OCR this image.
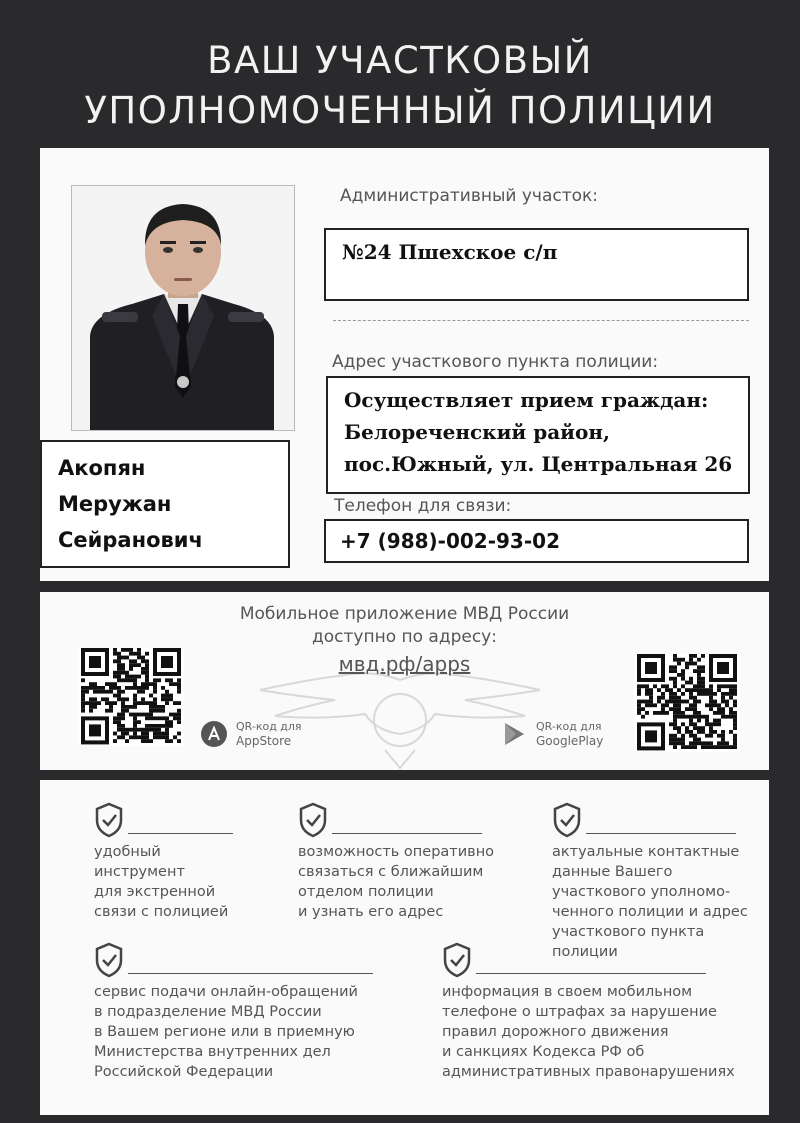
ВАШ УЧАСТКОВЫЙ
УПОЛНОМОЧЕННЫЙ ПОЛИЦИИ
Акопян
Меружан
Сейранович
Административный участок:
№24 Пшехское с/п
Адрес участкового пункта полиции:
Осуществляет прием граждан:
Белореченский район,
пос.Южный, ул. Центральная 26
Телефон для связи:
+7 (988)-002-93-02
Мобильное приложение МВД России
доступно по адресу:
мвд.рф/apps
QR-код для
AppStore
QR-код для
GooglePlay
удобный
инструмент
для экстренной
связи с полицией
возможность оперативно
связаться с ближайшим
отделом полиции
и узнать его адрес
актуальные контактные
данные Вашего
участкового уполномо-
ченного полиции и адрес
участкового пункта
полиции
сервис подачи онлайн-обращений
в подразделение МВД России
в Вашем регионе или в приемную
Министерства внутренних дел
Российской Федерации
информация в своем мобильном
телефоне о штрафах за нарушение
правил дорожного движения
и санкциях Кодекса РФ об
административных правонарушениях
